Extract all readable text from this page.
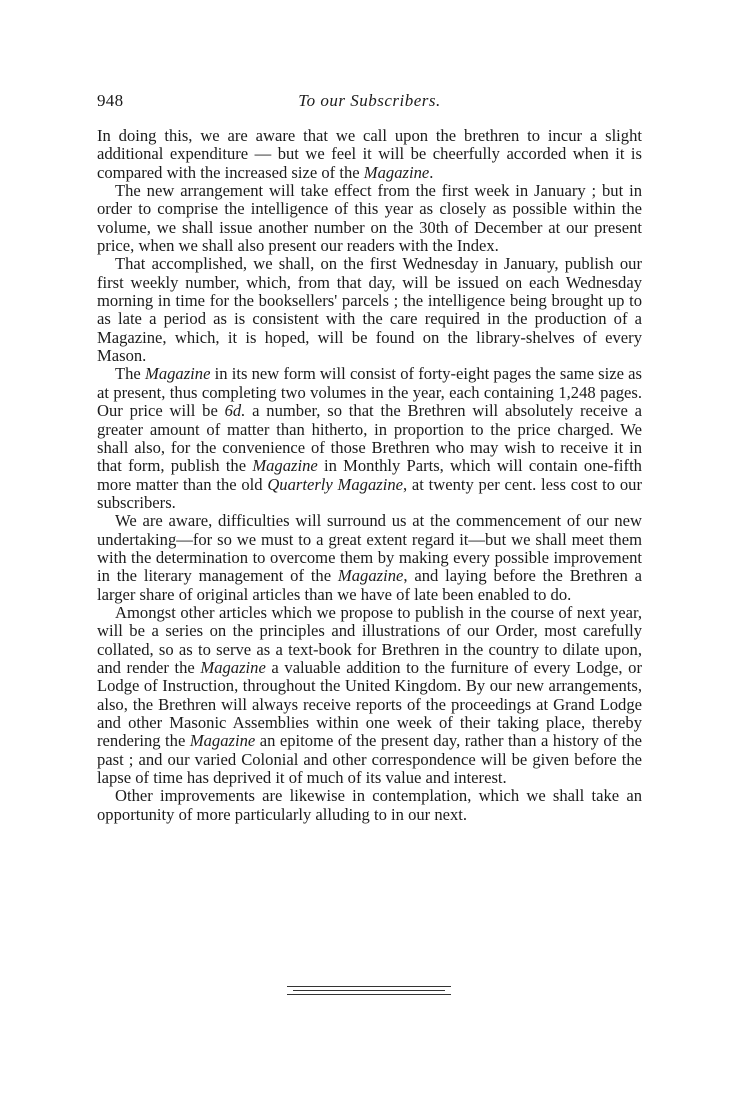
948	To our Subscribers.

In doing this, we are aware that we call upon the brethren to incur a slight additional expenditure — but we feel it will be cheerfully accorded when it is compared with the increased size of the Magazine.

The new arrangement will take effect from the first week in January ; but in order to comprise the intelligence of this year as closely as possible within the volume, we shall issue another number on the 30th of December at our present price, when we shall also present our readers with the Index.

That accomplished, we shall, on the first Wednesday in January, publish our first weekly number, which, from that day, will be issued on each Wednesday morning in time for the booksellers' parcels ; the intelligence being brought up to as late a period as is consistent with the care required in the production of a Magazine, which, it is hoped, will be found on the library-shelves of every Mason.

The Magazine in its new form will consist of forty-eight pages the same size as at present, thus completing two volumes in the year, each containing 1,248 pages. Our price will be 6d. a number, so that the Brethren will absolutely receive a greater amount of matter than hitherto, in proportion to the price charged. We shall also, for the convenience of those Brethren who may wish to receive it in that form, publish the Magazine in Monthly Parts, which will contain one-fifth more matter than the old Quarterly Magazine, at twenty per cent. less cost to our subscribers.

We are aware, difficulties will surround us at the commencement of our new undertaking—for so we must to a great extent regard it—but we shall meet them with the determination to overcome them by making every possible improvement in the literary management of the Magazine, and laying before the Brethren a larger share of original articles than we have of late been enabled to do.

Amongst other articles which we propose to publish in the course of next year, will be a series on the principles and illustrations of our Order, most carefully collated, so as to serve as a text-book for Brethren in the country to dilate upon, and render the Magazine a valuable addition to the furniture of every Lodge, or Lodge of Instruction, throughout the United Kingdom. By our new arrangements, also, the Brethren will always receive reports of the proceedings at Grand Lodge and other Masonic Assemblies within one week of their taking place, thereby rendering the Magazine an epitome of the present day, rather than a history of the past ; and our varied Colonial and other correspondence will be given before the lapse of time has deprived it of much of its value and interest.

Other improvements are likewise in contemplation, which we shall take an opportunity of more particularly alluding to in our next.
